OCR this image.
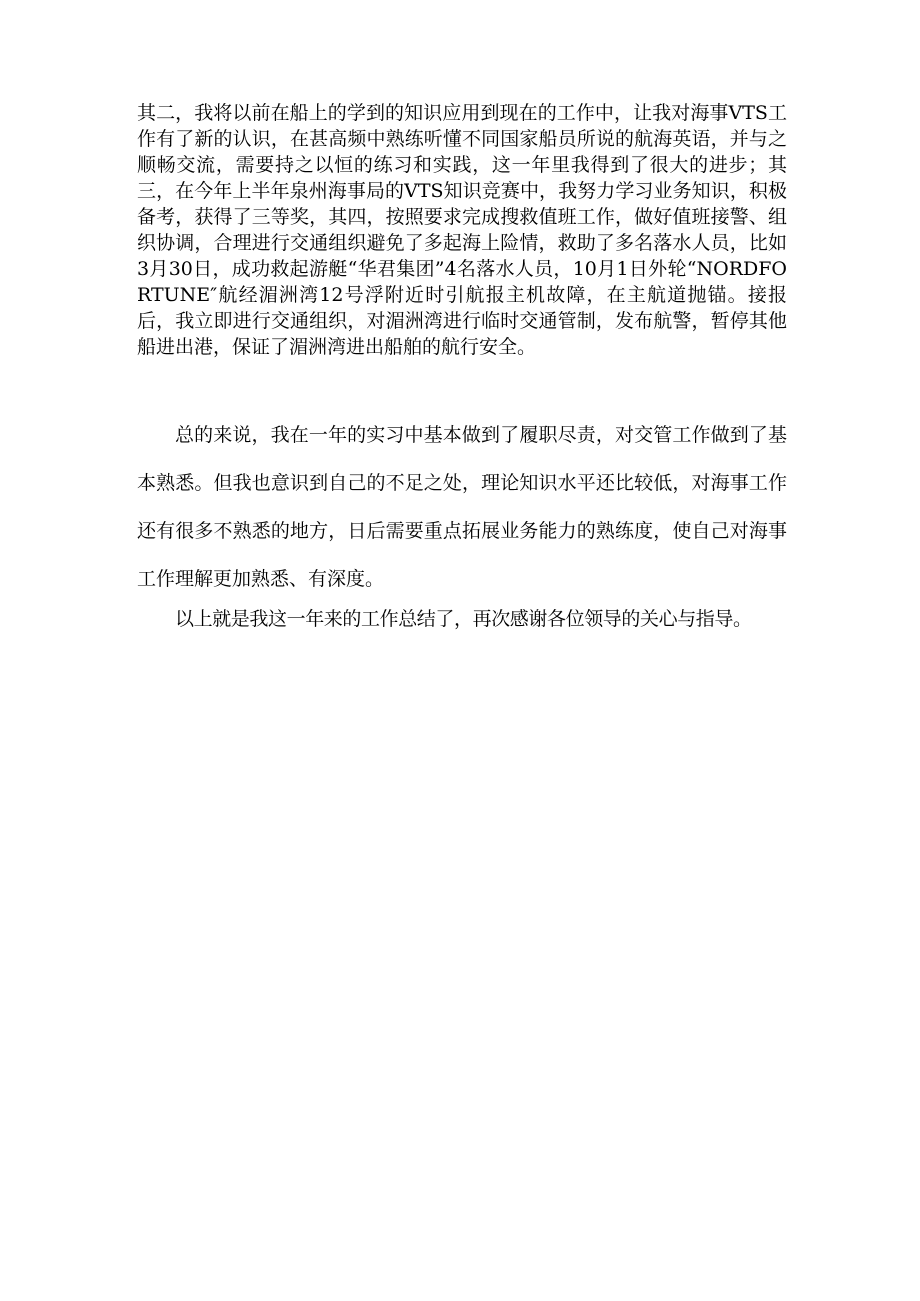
其二，我将以前在船上的学到的知识应用到现在的工作中，让我对海事VTS工作有了新的认识，在甚高频中熟练听懂不同国家船员所说的航海英语，并与之顺畅交流，需要持之以恒的练习和实践，这一年里我得到了很大的进步；其三，在今年上半年泉州海事局的VTS知识竞赛中，我努力学习业务知识，积极备考，获得了三等奖，其四，按照要求完成搜救值班工作，做好值班接警、组织协调，合理进行交通组织避免了多起海上险情，救助了多名落水人员，比如3月30日，成功救起游艇“华君集团”4名落水人员，10月1日外轮“NORDFORTUNE″航经湄洲湾12号浮附近时引航报主机故障，在主航道抛锚。接报后，我立即进行交通组织，对湄洲湾进行临时交通管制，发布航警，暂停其他船进出港，保证了湄洲湾进出船舶的航行安全。

总的来说，我在一年的实习中基本做到了履职尽责，对交管工作做到了基本熟悉。但我也意识到自己的不足之处，理论知识水平还比较低，对海事工作还有很多不熟悉的地方，日后需要重点拓展业务能力的熟练度，使自己对海事工作理解更加熟悉、有深度。

以上就是我这一年来的工作总结了，再次感谢各位领导的关心与指导。
